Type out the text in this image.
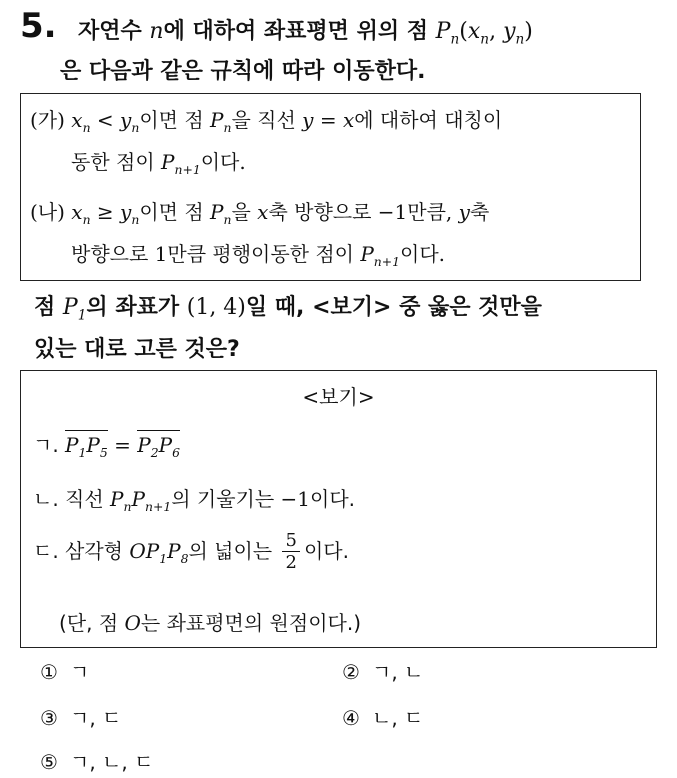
5. 자연수 n에 대하여 좌표평면 위의 점 $P_n(x_n$, $y_n$)
은 다음과 같은 규칙에 따라 이동한다.
(가) $x_n < y_n$이면 점 $P_n$을 직선 y = x에 대하여 대칭이
동한 점이 $P_{n+1}$이다.
(나) $x_n \ge y_n$이면 점 $P_n$을 x축 방향으로 −1만큼, y축
방향으로 1만큼 평행이동한 점이 $P_{n+1}$이다.
점 $P_1$의 좌표가 (1, 4)일 때, <보기> 중 옳은 것만을
있는 대로 고른 것은?
<보기>
ㄱ. $P_1P_5 = P_2P_6$
ㄴ. 직선 $P_nP_{n+1}$의 기울기는 −1이다.
ㄷ. 삼각형 $OP_1P_8$의 넓이는 $\frac{5}{2}$ 이다.
(단, 점 O는 좌표평면의 원점이다.)
① ㄱ	② ㄱ, ㄴ
③ ㄱ, ㄷ	④ ㄴ, ㄷ
⑤ ㄱ, ㄴ, ㄷ
